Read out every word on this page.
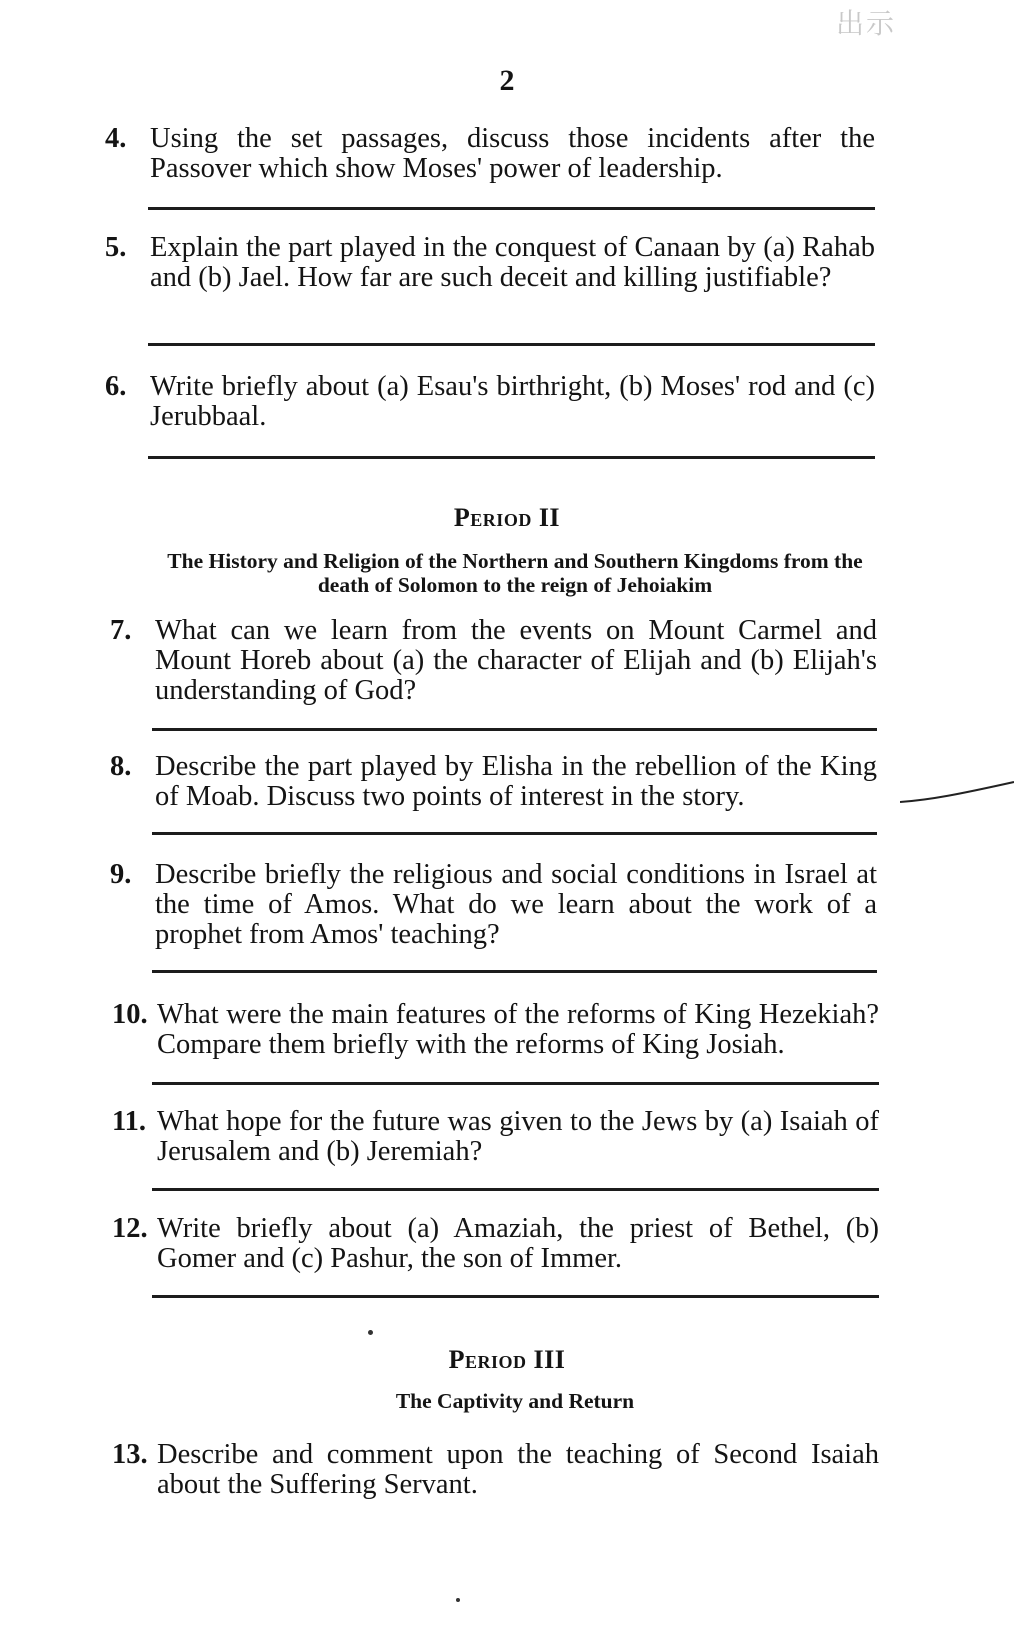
出示
2
4. Using the set passages, discuss those incidents after the Passover which show Moses' power of leadership.
5. Explain the part played in the conquest of Canaan by (a) Rahab and (b) Jael. How far are such deceit and killing justifiable?
6. Write briefly about (a) Esau's birthright, (b) Moses' rod and (c) Jerubbaal.
Period II
The History and Religion of the Northern and Southern Kingdoms from the death of Solomon to the reign of Jehoiakim
7. What can we learn from the events on Mount Carmel and Mount Horeb about (a) the character of Elijah and (b) Elijah's understanding of God?
8. Describe the part played by Elisha in the rebellion of the King of Moab. Discuss two points of interest in the story.
9. Describe briefly the religious and social conditions in Israel at the time of Amos. What do we learn about the work of a prophet from Amos' teaching?
10. What were the main features of the reforms of King Hezekiah? Compare them briefly with the reforms of King Josiah.
11. What hope for the future was given to the Jews by (a) Isaiah of Jerusalem and (b) Jeremiah?
12. Write briefly about (a) Amaziah, the priest of Bethel, (b) Gomer and (c) Pashur, the son of Immer.
Period III
The Captivity and Return
13. Describe and comment upon the teaching of Second Isaiah about the Suffering Servant.
